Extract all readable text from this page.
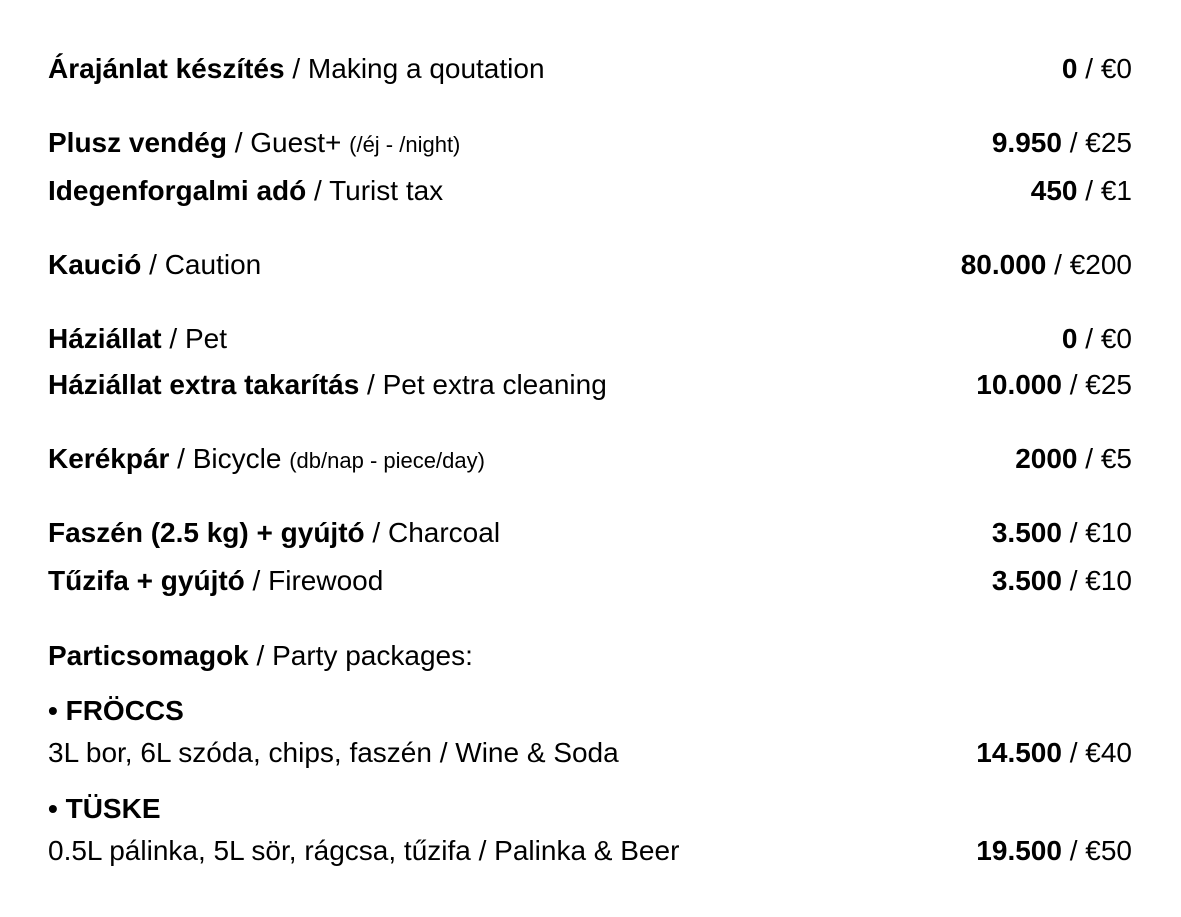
Árajánlat készítés / Making a qoutation	0 / €0
Plusz vendég / Guest+ (/éj - /night)	9.950 / €25
Idegenforgalmi adó / Turist tax	450 / €1
Kaució / Caution	80.000 / €200
Háziállat / Pet	0 / €0
Háziállat extra takarítás / Pet extra cleaning	10.000 / €25
Kerékpár / Bicycle (db/nap - piece/day)	2000 / €5
Faszén (2.5 kg) + gyújtó / Charcoal	3.500 / €10
Tűzifa + gyújtó / Firewood	3.500 / €10
Particsomagok / Party packages:
• FRÖCCS
3L bor, 6L szóda, chips, faszén / Wine & Soda	14.500 / €40
• TÜSKE
0.5L pálinka, 5L sör, rágcsa, tűzifa / Palinka & Beer	19.500 / €50
